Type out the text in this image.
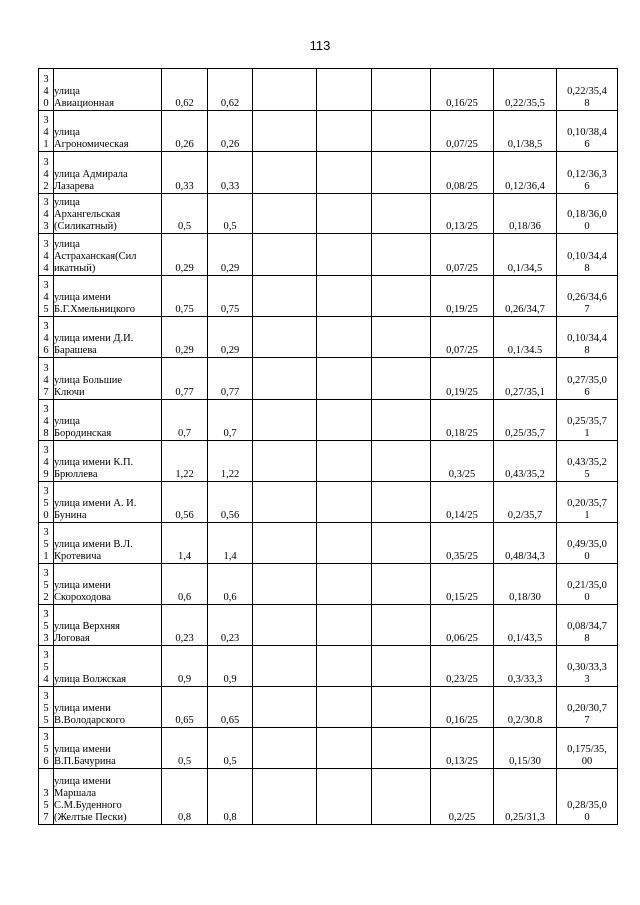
113
3
4
0	улица
Авиационная	0,62	0,62				0,16/25	0,22/35,5	0,22/35,4
8

3
4
1	улица
Агрономическая	0,26	0,26				0,07/25	0,1/38,5	0,10/38,4
6

3
4
2	улица Адмирала
Лазарева	0,33	0,33				0,08/25	0,12/36,4	0,12/36,3
6

3
4
3	улица
Архангельская
(Силикатный)	0,5	0,5				0,13/25	0,18/36	0,18/36,0
0

3
4
4	улица
Астраханская(Сил
икатный)	0,29	0,29				0,07/25	0,1/34,5	0,10/34,4
8

3
4
5	улица имени
Б.Г.Хмельницкого	0,75	0,75				0,19/25	0,26/34,7	0,26/34,6
7

3
4
6	улица имени Д.И.
Барашева	0,29	0,29				0,07/25	0,1/34.5	0,10/34,4
8

3
4
7	улица Большие
Ключи	0,77	0,77				0,19/25	0,27/35,1	0,27/35,0
6

3
4
8	улица
Бородинская	0,7	0,7				0,18/25	0,25/35,7	0,25/35,7
1

3
4
9	улица имени К.П.
Брюллева	1,22	1,22				0,3/25	0,43/35,2	0,43/35,2
5

3
5
0	улица имени А. И.
Бунина	0,56	0,56				0,14/25	0,2/35,7	0,20/35,7
1

3
5
1	улица имени В.Л.
Кротевича	1,4	1,4				0,35/25	0,48/34,3	0,49/35,0
0

3
5
2	улица имени
Скороходова	0,6	0,6				0,15/25	0,18/30	0,21/35,0
0

3
5
3	улица Верхняя
Логовая	0,23	0,23				0,06/25	0,1/43,5	0,08/34,7
8

3
5
4	улица Волжская	0,9	0,9				0,23/25	0,3/33,3	0,30/33,3
3

3
5
5	улица имени
В.Володарского	0,65	0,65				0,16/25	0,2/30.8	0,20/30,7
7

3
5
6	улица имени
В.П.Бачурина	0,5	0,5				0,13/25	0,15/30	0,175/35,
00

3
5
7	улица имени
Маршала
С.М.Буденного
(Желтые Пески)	0,8	0,8				0,2/25	0,25/31,3	0,28/35,0
0
